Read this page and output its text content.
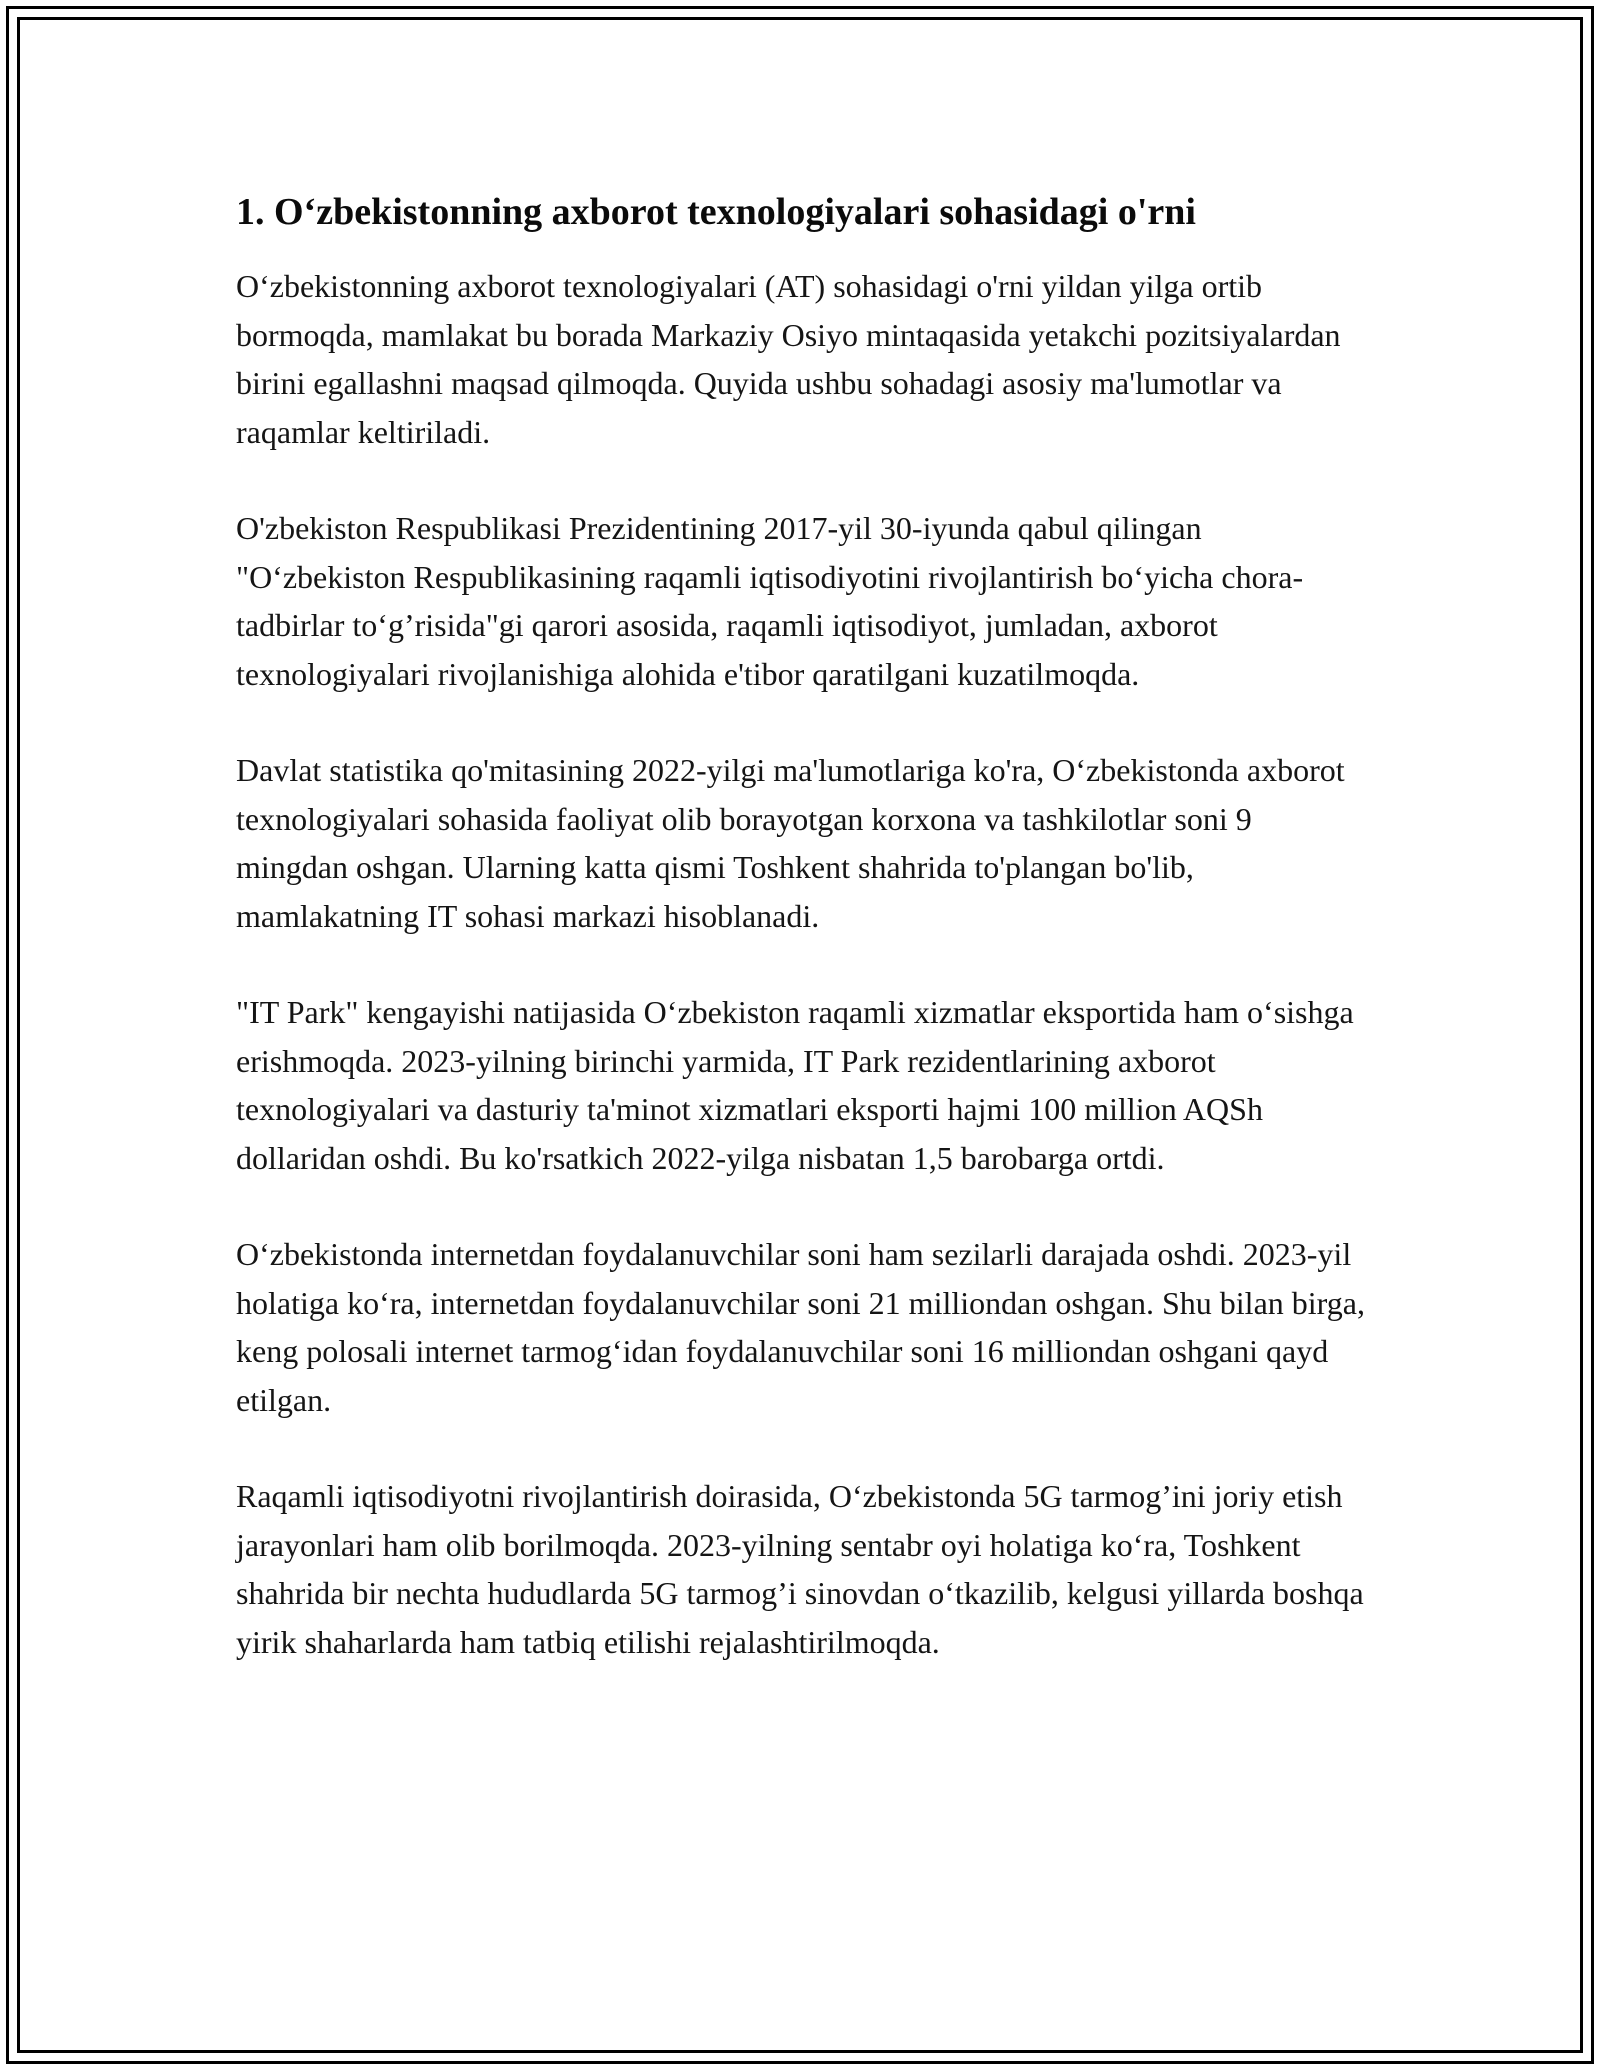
1. O‘zbekistonning axborot texnologiyalari sohasidagi o'rni

O‘zbekistonning axborot texnologiyalari (AT) sohasidagi o'rni yildan yilga ortib bormoqda, mamlakat bu borada Markaziy Osiyo mintaqasida yetakchi pozitsiyalardan birini egallashni maqsad qilmoqda. Quyida ushbu sohadagi asosiy ma'lumotlar va raqamlar keltiriladi.

O'zbekiston Respublikasi Prezidentining 2017-yil 30-iyunda qabul qilingan "O‘zbekiston Respublikasining raqamli iqtisodiyotini rivojlantirish bo‘yicha chora-tadbirlar to‘g’risida"gi qarori asosida, raqamli iqtisodiyot, jumladan, axborot texnologiyalari rivojlanishiga alohida e'tibor qaratilgani kuzatilmoqda.

Davlat statistika qo'mitasining 2022-yilgi ma'lumotlariga ko'ra, O‘zbekistonda axborot texnologiyalari sohasida faoliyat olib borayotgan korxona va tashkilotlar soni 9 mingdan oshgan. Ularning katta qismi Toshkent shahrida to'plangan bo'lib, mamlakatning IT sohasi markazi hisoblanadi.

"IT Park" kengayishi natijasida O‘zbekiston raqamli xizmatlar eksportida ham o‘sishga erishmoqda. 2023-yilning birinchi yarmida, IT Park rezidentlarining axborot texnologiyalari va dasturiy ta'minot xizmatlari eksporti hajmi 100 million AQSh dollaridan oshdi. Bu ko'rsatkich 2022-yilga nisbatan 1,5 barobarga ortdi.

O‘zbekistonda internetdan foydalanuvchilar soni ham sezilarli darajada oshdi. 2023-yil holatiga ko‘ra, internetdan foydalanuvchilar soni 21 milliondan oshgan. Shu bilan birga, keng polosali internet tarmog‘idan foydalanuvchilar soni 16 milliondan oshgani qayd etilgan.

Raqamli iqtisodiyotni rivojlantirish doirasida, O‘zbekistonda 5G tarmog’ini joriy etish jarayonlari ham olib borilmoqda. 2023-yilning sentabr oyi holatiga ko‘ra, Toshkent shahrida bir nechta hududlarda 5G tarmog’i sinovdan o‘tkazilib, kelgusi yillarda boshqa yirik shaharlarda ham tatbiq etilishi rejalashtirilmoqda.
